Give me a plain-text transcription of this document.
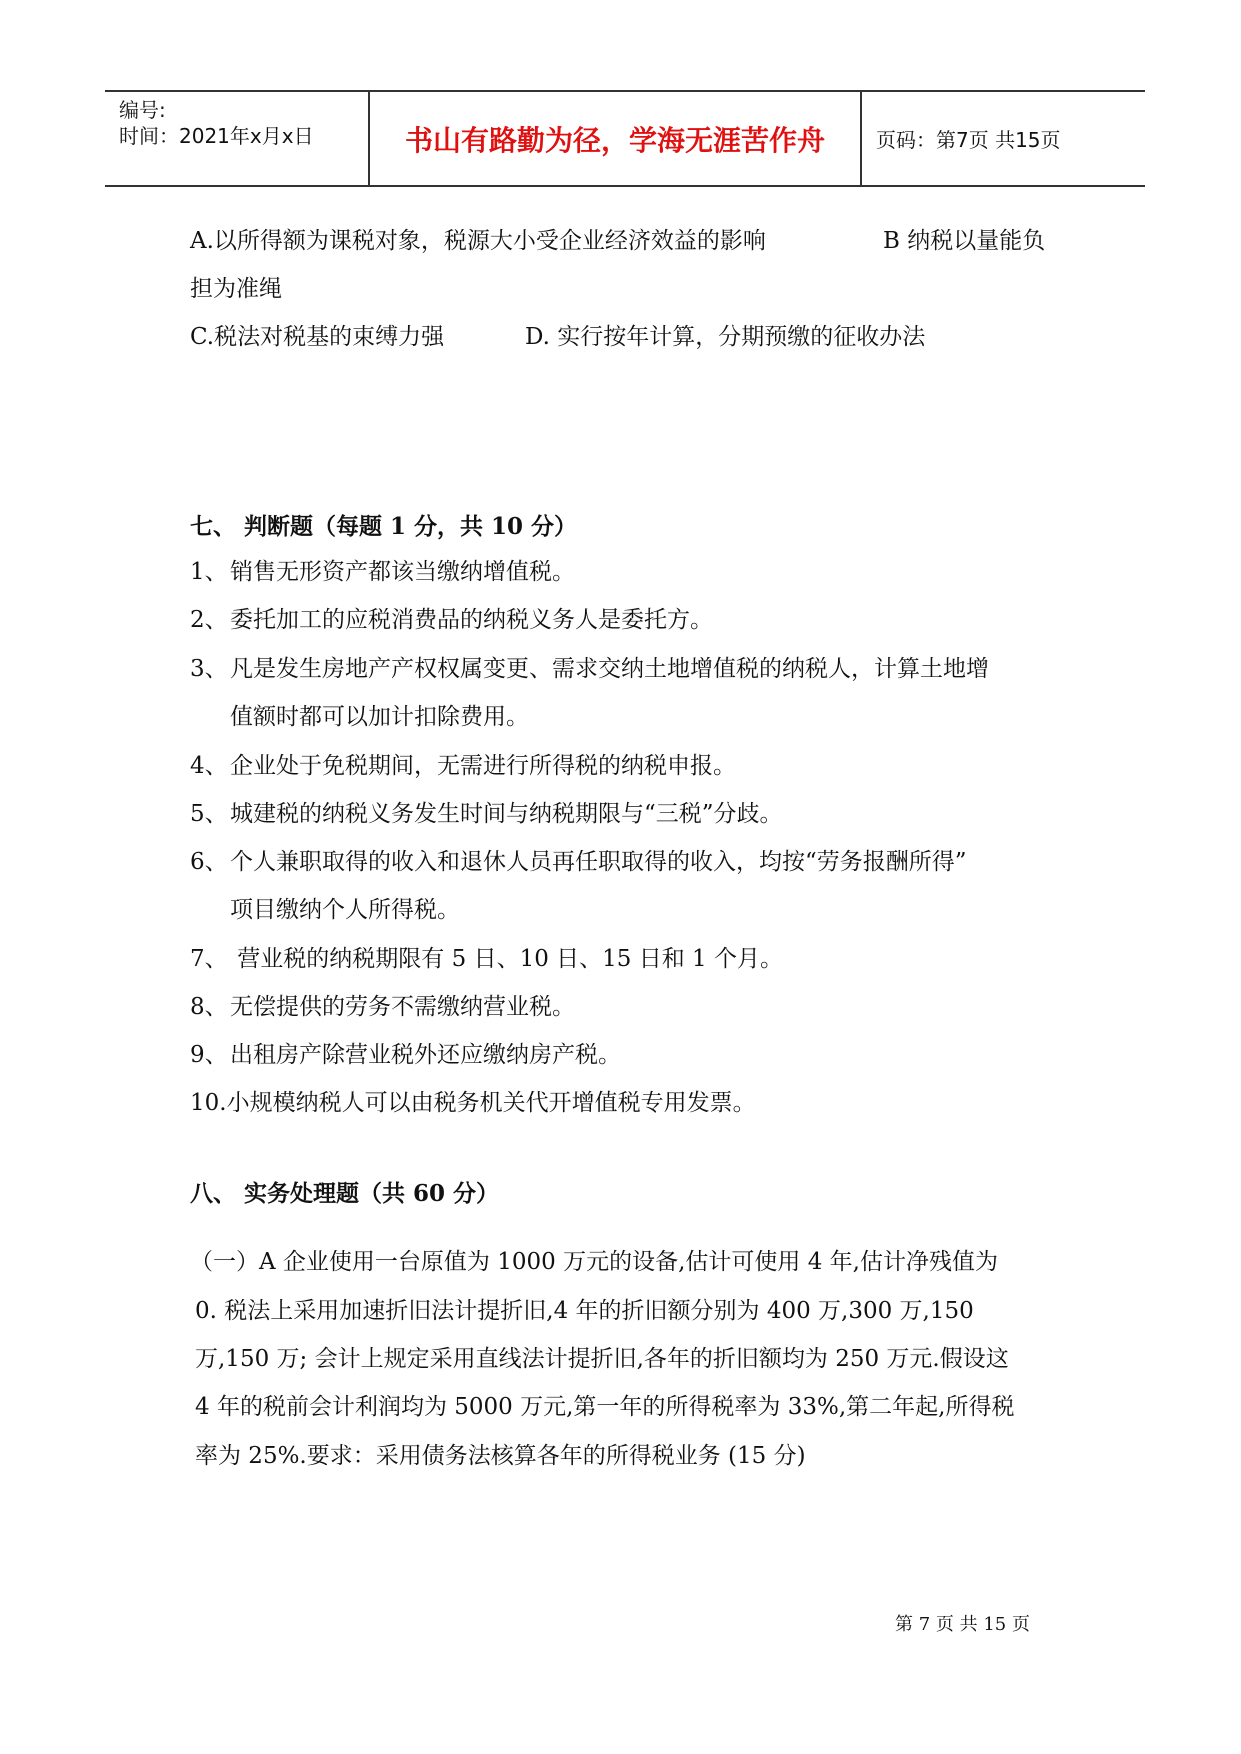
编号:
时间：2021年x月x日	书山有路勤为径，学海无涯苦作舟	页码：第7页 共15页
A.以所得额为课税对象，税源大小受企业经济效益的影响	B 纳税以量能负
担为准绳
C.税法对税基的束缚力强	D. 实行按年计算，分期预缴的征收办法
七、 判断题（每题 1 分，共 10 分）
1、 销售无形资产都该当缴纳增值税。
2、 委托加工的应税消费品的纳税义务人是委托方。
3、 凡是发生房地产产权权属变更、需求交纳土地增值税的纳税人，计算土地增
值额时都可以加计扣除费用。
4、 企业处于免税期间，无需进行所得税的纳税申报。
5、 城建税的纳税义务发生时间与纳税期限与“三税”分歧。
6、 个人兼职取得的收入和退休人员再任职取得的收入，均按“劳务报酬所得”
项目缴纳个人所得税。
7、 营业税的纳税期限有 5 日、10 日、15 日和 1 个月。
8、 无偿提供的劳务不需缴纳营业税。
9、 出租房产除营业税外还应缴纳房产税。
10.小规模纳税人可以由税务机关代开增值税专用发票。
八、 实务处理题（共 60 分）
（一）A 企业使用一台原值为 1000 万元的设备,估计可使用 4 年,估计净残值为
0. 税法上采用加速折旧法计提折旧,4 年的折旧额分别为 400 万,300 万,150
万,150 万; 会计上规定采用直线法计提折旧,各年的折旧额均为 250 万元.假设这
4 年的税前会计利润均为 5000 万元,第一年的所得税率为 33%,第二年起,所得税
率为 25%.要求：采用债务法核算各年的所得税业务 (15 分)
第 7 页 共 15 页
